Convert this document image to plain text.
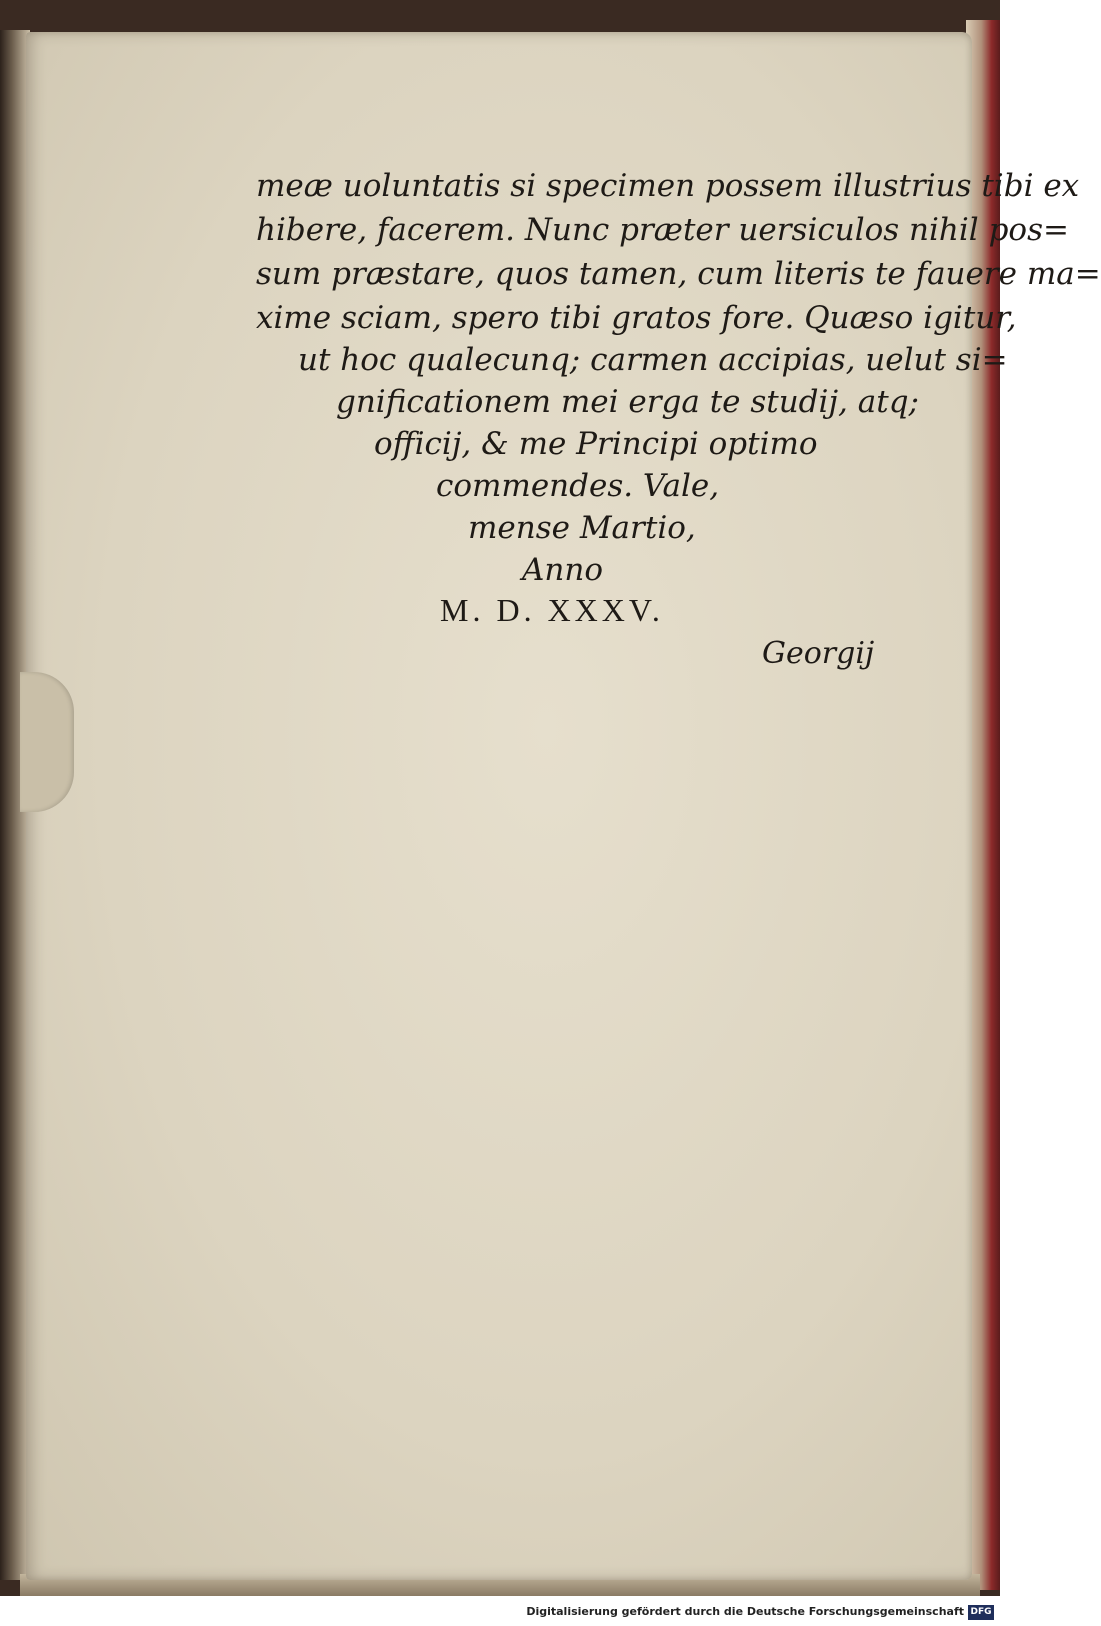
meæ uoluntatis si specimen possem illustrius tibi ex
hibere, facerem. Nunc præter uersiculos nihil pos=
sum præstare, quos tamen, cum literis te fauere ma=
xime sciam, spero tibi gratos fore. Quæso igitur,
ut hoc qualecunq; carmen accipias, uelut si=
gnificationem mei erga te studij, atq;
officij, & me Principi optimo
commendes. Vale,
mense Martio,
Anno
M. D. XXXV.
Georgij
Digitalisierung gefördert durch die Deutsche Forschungsgemeinschaft DFG
